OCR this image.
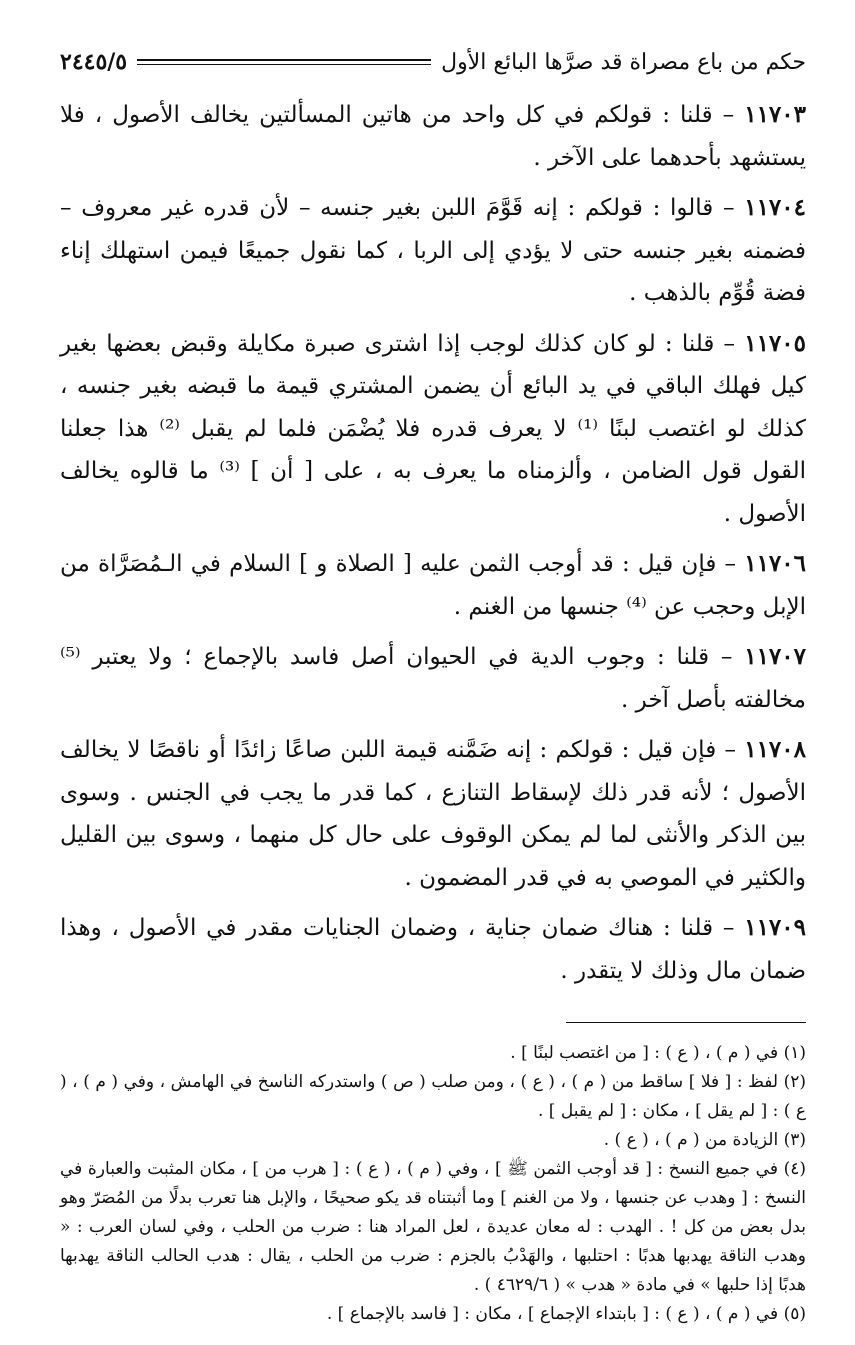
حكم من باع مصراة قد صرَّها البائع الأول
٢٤٤٥/٥

١١٧٠٣ – قلنا : قولكم في كل واحد من هاتين المسألتين يخالف الأصول ، فلا يستشهد بأحدهما على الآخر .

١١٧٠٤ – قالوا : قولكم : إنه قَوَّمَ اللبن بغير جنسه – لأن قدره غير معروف – فضمنه بغير جنسه حتى لا يؤدي إلى الربا ، كما نقول جميعًا فيمن استهلك إناء فضة قُوِّم بالذهب .

١١٧٠٥ – قلنا : لو كان كذلك لوجب إذا اشترى صبرة مكايلة وقبض بعضها بغير كيل فهلك الباقي في يد البائع أن يضمن المشتري قيمة ما قبضه بغير جنسه ، كذلك لو اغتصب لبنًا ⁽¹⁾ لا يعرف قدره فلا يُضْمَن فلما لم يقبل ⁽²⁾ هذا جعلنا القول قول الضامن ، وألزمناه ما يعرف به ، على [ أن ] ⁽³⁾ ما قالوه يخالف الأصول .

١١٧٠٦ – فإن قيل : قد أوجب الثمن عليه [ الصلاة و ] السلام في الـمُصَرَّاة من الإبل وحجب عن ⁽⁴⁾ جنسها من الغنم .

١١٧٠٧ – قلنا : وجوب الدية في الحيوان أصل فاسد بالإجماع ؛ ولا يعتبر ⁽⁵⁾ مخالفته بأصل آخر .

١١٧٠٨ – فإن قيل : قولكم : إنه ضَمَّنه قيمة اللبن صاعًا زائدًا أو ناقصًا لا يخالف الأصول ؛ لأنه قدر ذلك لإسقاط التنازع ، كما قدر ما يجب في الجنس . وسوى بين الذكر والأنثى لما لم يمكن الوقوف على حال كل منهما ، وسوى بين القليل والكثير في الموصي به في قدر المضمون .

١١٧٠٩ – قلنا : هناك ضمان جناية ، وضمان الجنايات مقدر في الأصول ، وهذا ضمان مال وذلك لا يتقدر .

(١) في ( م ) ، ( ع ) : [ من اغتصب لبنًا ] .

(٢) لفظ : [ فلا ] ساقط من ( م ) ، ( ع ) ، ومن صلب ( ص ) واستدركه الناسخ في الهامش ، وفي ( م ) ، ( ع ) : [ لم يقل ] ، مكان : [ لم يقبل ] .

(٣) الزيادة من ( م ) ، ( ع ) .

(٤) في جميع النسخ : [ قد أوجب الثمن ﷺ ] ، وفي ( م ) ، ( ع ) : [ هرب من ] ، مكان المثبت والعبارة في النسخ : [ وهدب عن جنسها ، ولا من الغنم ] وما أثبتناه قد يكو صحيحًا ، والإبل هنا تعرب بدلًا من المُصَرّ وهو بدل بعض من كل ! . الهدب : له معان عديدة ، لعل المراد هنا : ضرب من الحلب ، وفي لسان العرب : « وهدب الناقة يهدبها هدبًا : احتلبها ، والهَدْبُ بالجزم : ضرب من الحلب ، يقال : هدب الحالب الناقة يهدبها هدبًا إذا حلبها » في مادة « هدب » ( ٤٦٢٩/٦ ) .

(٥) في ( م ) ، ( ع ) : [ بابتداء الإجماع ] ، مكان : [ فاسد بالإجماع ] .
